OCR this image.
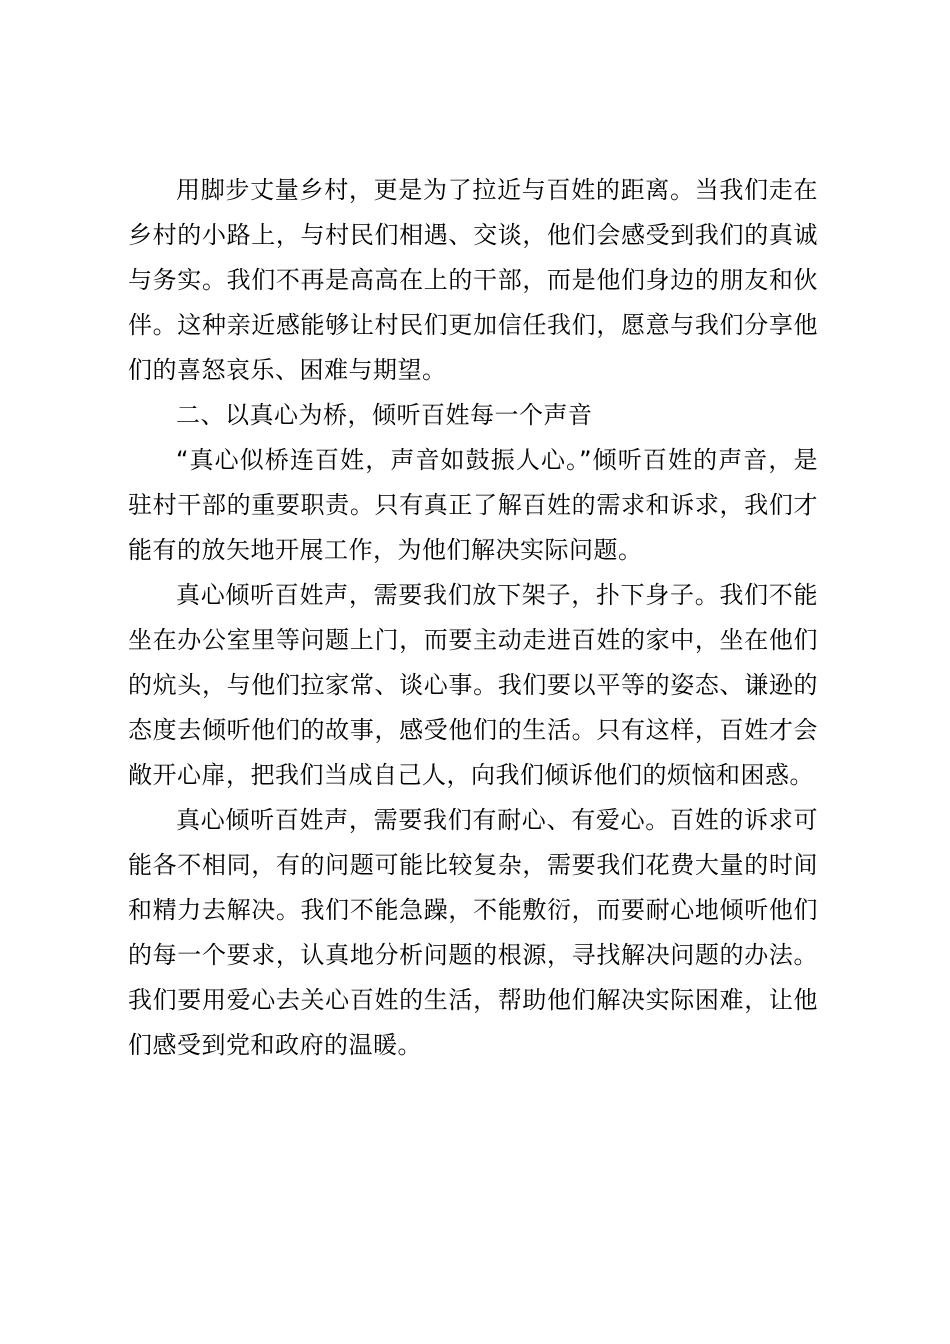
用脚步丈量乡村，更是为了拉近与百姓的距离。当我们走在乡村的小路上，与村民们相遇、交谈，他们会感受到我们的真诚与务实。我们不再是高高在上的干部，而是他们身边的朋友和伙伴。这种亲近感能够让村民们更加信任我们，愿意与我们分享他们的喜怒哀乐、困难与期望。

二、以真心为桥，倾听百姓每一个声音

“真心似桥连百姓，声音如鼓振人心。”倾听百姓的声音，是驻村干部的重要职责。只有真正了解百姓的需求和诉求，我们才能有的放矢地开展工作，为他们解决实际问题。

真心倾听百姓声，需要我们放下架子，扑下身子。我们不能坐在办公室里等问题上门，而要主动走进百姓的家中，坐在他们的炕头，与他们拉家常、谈心事。我们要以平等的姿态、谦逊的态度去倾听他们的故事，感受他们的生活。只有这样，百姓才会敞开心扉，把我们当成自己人，向我们倾诉他们的烦恼和困惑。

真心倾听百姓声，需要我们有耐心、有爱心。百姓的诉求可能各不相同，有的问题可能比较复杂，需要我们花费大量的时间和精力去解决。我们不能急躁，不能敷衍，而要耐心地倾听他们的每一个要求，认真地分析问题的根源，寻找解决问题的办法。我们要用爱心去关心百姓的生活，帮助他们解决实际困难，让他们感受到党和政府的温暖。
